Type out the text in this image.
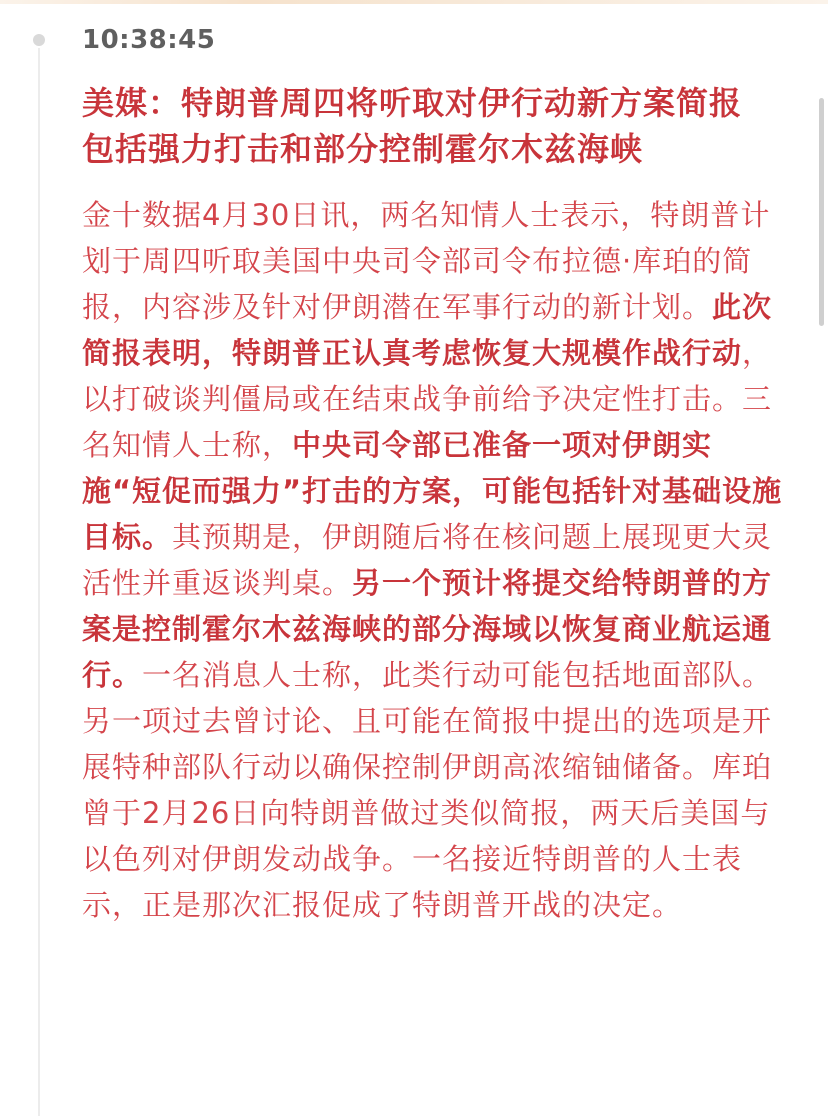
10:38:45
美媒：特朗普周四将听取对伊行动新方案简报 包括强力打击和部分控制霍尔木兹海峡

金十数据4月30日讯，两名知情人士表示，特朗普计划于周四听取美国中央司令部司令布拉德·库珀的简报，内容涉及针对伊朗潜在军事行动的新计划。此次简报表明，特朗普正认真考虑恢复大规模作战行动，以打破谈判僵局或在结束战争前给予决定性打击。三名知情人士称，中央司令部已准备一项对伊朗实施“短促而强力”打击的方案，可能包括针对基础设施目标。其预期是，伊朗随后将在核问题上展现更大灵活性并重返谈判桌。另一个预计将提交给特朗普的方案是控制霍尔木兹海峡的部分海域以恢复商业航运通行。一名消息人士称，此类行动可能包括地面部队。另一项过去曾讨论、且可能在简报中提出的选项是开展特种部队行动以确保控制伊朗高浓缩铀储备。库珀曾于2月26日向特朗普做过类似简报，两天后美国与以色列对伊朗发动战争。一名接近特朗普的人士表示，正是那次汇报促成了特朗普开战的决定。
